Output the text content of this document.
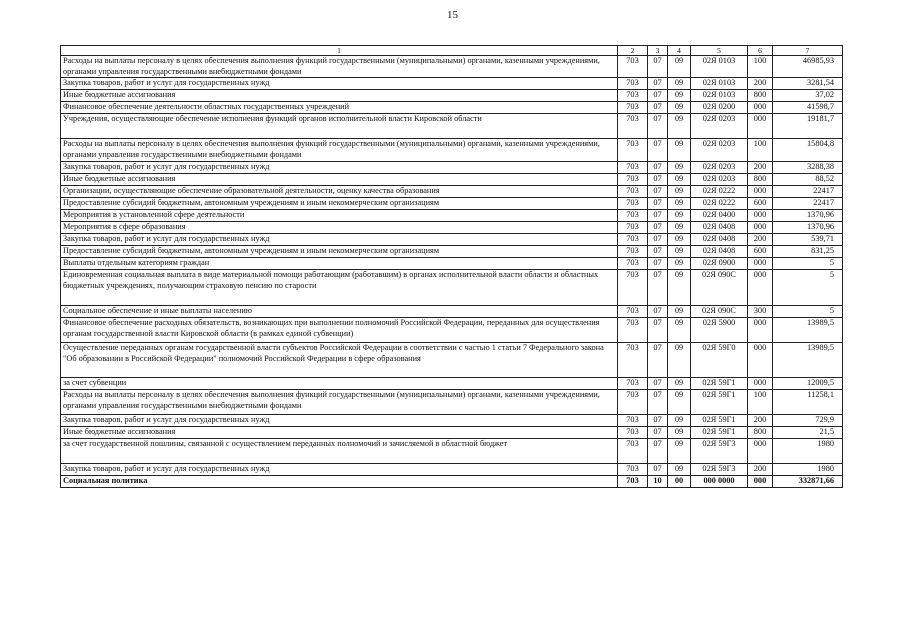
15
1	2	3	4	5	6	7
Расходы на выплаты персоналу в целях обеспечения выполнения функций государственными (муниципальными) органами, казенными учреждениями, органами управления государственными внебюджетными фондами	703	07	09	02Я 0103	100	46985,93
Закупка товаров, работ и услуг для государственных нужд	703	07	09	02Я 0103	200	3281,54
Иные бюджетные ассигнования	703	07	09	02Я 0103	800	37,02
Финансовое обеспечение деятельности областных государственных учреждений	703	07	09	02Я 0200	000	41598,7
Учреждения, осуществляющие обеспечение исполнения функций органов исполнительной власти Кировской области	703	07	09	02Я 0203	000	19181,7
Расходы на выплаты персоналу в целях обеспечения выполнения функций государственными (муниципальными) органами, казенными учреждениями, органами управления государственными внебюджетными фондами	703	07	09	02Я 0203	100	15804,8
Закупка товаров, работ и услуг для государственных нужд	703	07	09	02Я 0203	200	3288,38
Иные бюджетные ассигнования	703	07	09	02Я 0203	800	88,52
Организации, осуществляющие обеспечение образовательной деятельности, оценку качества образования	703	07	09	02Я 0222	000	22417
Предоставление субсидий бюджетным, автономным учреждениям и иным некоммерческим организациям	703	07	09	02Я 0222	600	22417
Мероприятия в установленной сфере деятельности	703	07	09	02Я 0400	000	1370,96
Мероприятия в сфере образования	703	07	09	02Я 0408	000	1370,96
Закупка товаров, работ и услуг для государственных нужд	703	07	09	02Я 0408	200	539,71
Предоставление субсидий бюджетным, автономным учреждениям и иным некоммерческим организациям	703	07	09	02Я 0408	600	831,25
Выплаты отдельным категориям граждан	703	07	09	02Я 0900	000	5
Единовременная социальная выплата в виде материальной помощи работающим (работавшим) в органах исполнительной власти области и областных бюджетных учреждениях, получающим страховую пенсию по старости	703	07	09	02Я 090С	000	5
Социальное обеспечение и иные выплаты населению	703	07	09	02Я 090С	300	5
Финансовое обеспечение расходных обязательств, возникающих при выполнении полномочий Российской Федерации, переданных для осуществления органам государственной власти Кировской области (в рамках единой субвенции)	703	07	09	02Я 5900	000	13989,5
Осуществление переданных органам государственной власти субъектов Российской Федерации в соответствии с частью 1 статьи 7 Федерального закона "Об образовании в Российской Федерации" полномочий Российской Федерации в сфере образования	703	07	09	02Я 59Г0	000	13989,5
за счет субвенции	703	07	09	02Я 59Г1	000	12009,5
Расходы на выплаты персоналу в целях обеспечения выполнения функций государственными (муниципальными) органами, казенными учреждениями, органами управления государственными внебюджетными фондами	703	07	09	02Я 59Г1	100	11258,1
Закупка товаров, работ и услуг для государственных нужд	703	07	09	02Я 59Г1	200	729,9
Иные бюджетные ассигнования	703	07	09	02Я 59Г1	800	21,5
за счет государственной пошлины, связанной с осуществлением переданных полномочий и зачисляемой в областной бюджет	703	07	09	02Я 59Г3	000	1980
Закупка товаров, работ и услуг для государственных нужд	703	07	09	02Я 59Г3	200	1980
Социальная политика	703	10	00	000 0000	000	332871,66
